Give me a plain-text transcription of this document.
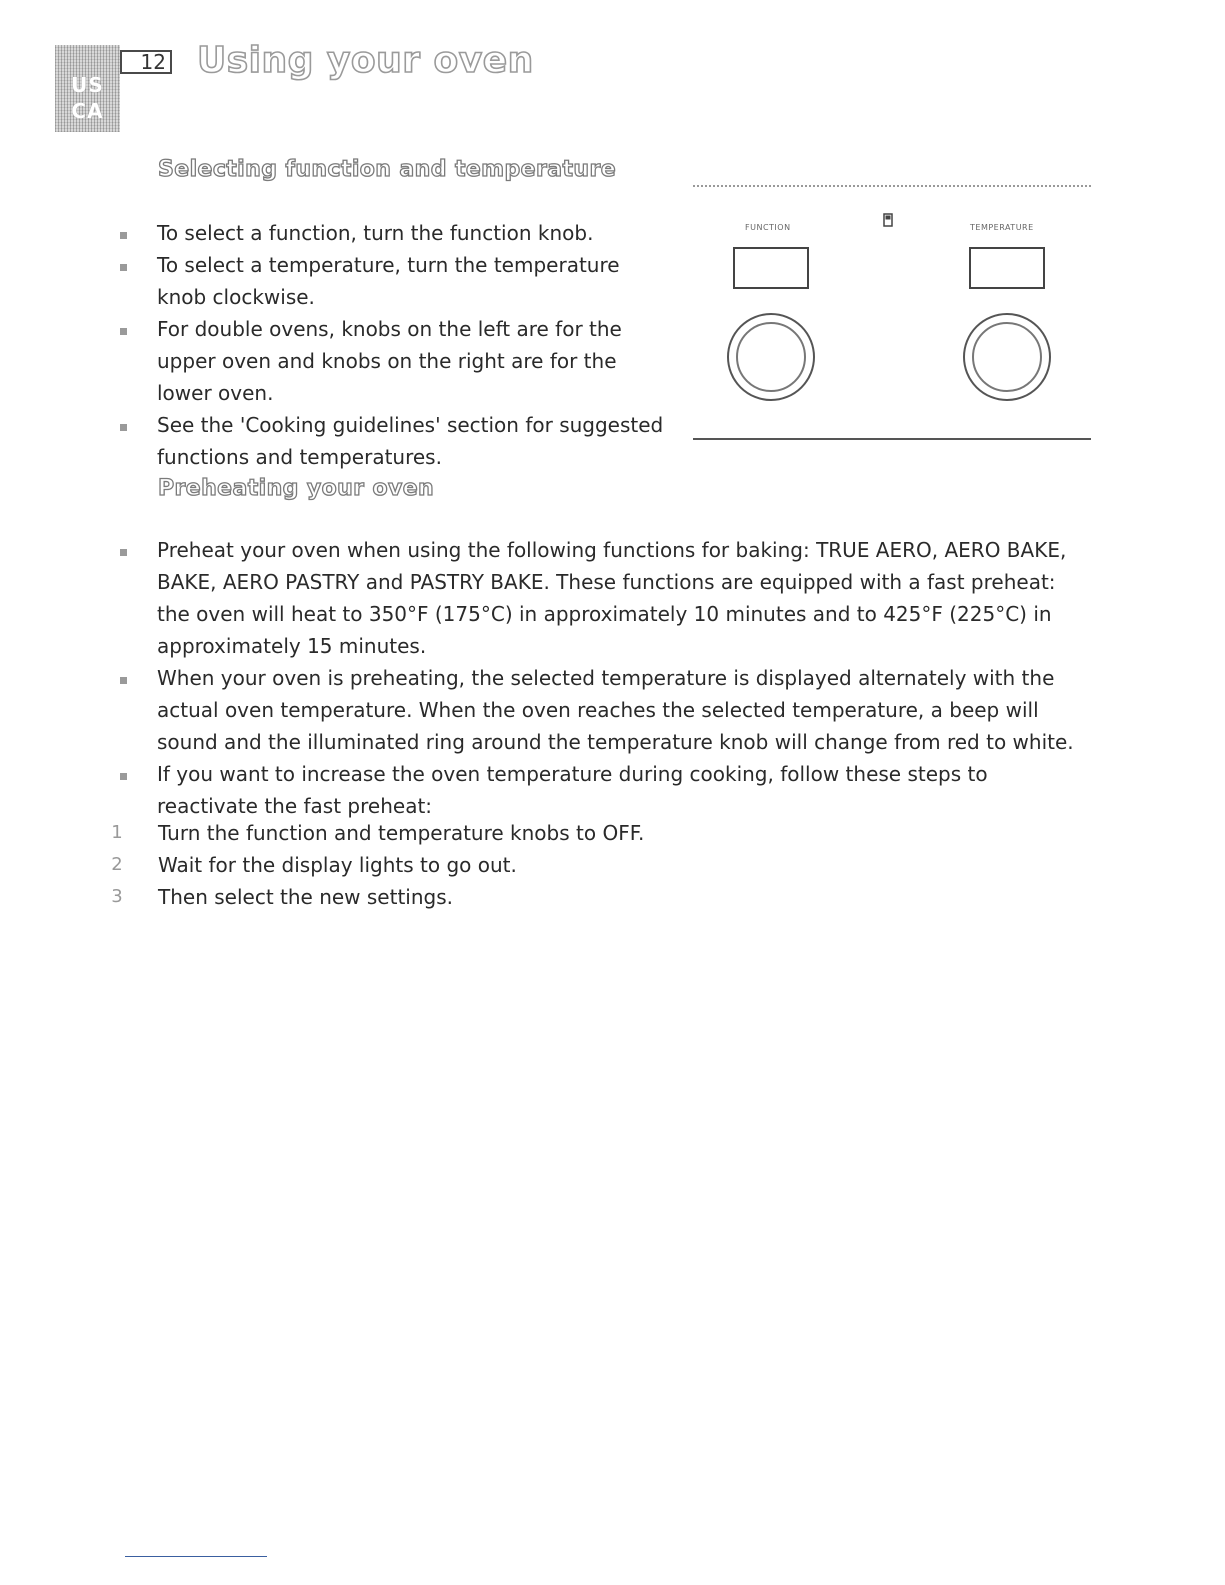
US
CA
12 Using your oven
Selecting function and temperature
To select a function, turn the function knob.
To select a temperature, turn the temperature knob clockwise.
For double ovens, knobs on the left are for the upper oven and knobs on the right are for the lower oven.
See the 'Cooking guidelines' section for suggested functions and temperatures.
FUNCTION	TEMPERATURE
Preheating your oven
Preheat your oven when using the following functions for baking: TRUE AERO, AERO BAKE, BAKE, AERO PASTRY and PASTRY BAKE. These functions are equipped with a fast preheat: the oven will heat to 350°F (175°C) in approximately 10 minutes and to 425°F (225°C) in approximately 15 minutes.
When your oven is preheating, the selected temperature is displayed alternately with the actual oven temperature. When the oven reaches the selected temperature, a beep will sound and the illuminated ring around the temperature knob will change from red to white.
If you want to increase the oven temperature during cooking, follow these steps to reactivate the fast preheat:
1 Turn the function and temperature knobs to OFF.
2 Wait for the display lights to go out.
3 Then select the new settings.
